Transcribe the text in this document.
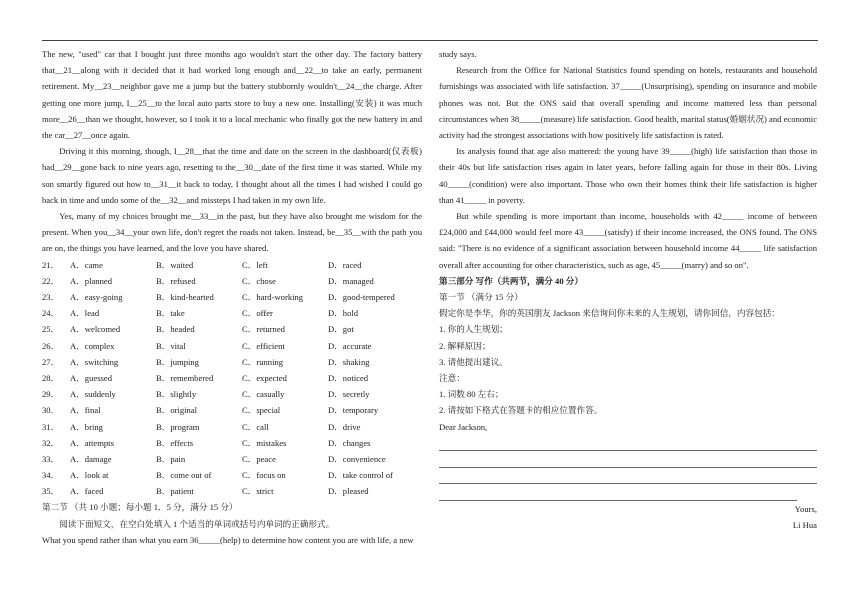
The new, "used" car that I bought just three months ago wouldn't start the other day. The factory battery that__21__along with it decided that it had worked long enough and__22__to take an early, permanent retirement. My__23__neighbor gave me a jump but the battery stubbornly wouldn't__24__the charge. After getting one more jump, I__25__to the local auto parts store to buy a new one. Installing(安装) it was much more__26__than we thought, however, so I took it to a local mechanic who finally got the new battery in and the car__27__once again.

Driving it this morning, though, I__28__that the time and date on the screen in the dashboard(仪表板) had__29__gone back to nine years ago, resetting to the__30__date of the first time it was started. While my son smartly figured out how to__31__it back to today, I thought about all the times I had wished I could go back in time and undo some of the__32__and missteps I had taken in my own life.

Yes, many of my choices brought me__33__in the past, but they have also brought me wisdom for the present. When you__34__your own life, don't regret the roads not taken. Instead, be__35__with the path you are on, the things you have learned, and the love you have shared.

21．	A．came	B．waited	C．left	D．raced
22．	A．planned	B．refused	C．chose	D．managed
23．	A．easy-going	B．kind-hearted	C．hard-working	D．good-tempered
24．	A．lead	B．take	C．offer	D．hold
25．	A．welcomed	B．headed	C．returned	D．got
26．	A．complex	B．vital	C．efficient	D．accurate
27．	A．switching	B．jumping	C．running	D．shaking
28．	A．guessed	B．remembered	C．expected	D．noticed
29．	A．suddenly	B．slightly	C．casually	D．secretly
30．	A．final	B．original	C．special	D．temporary
31．	A．bring	B．program	C．call	D．drive
32．	A．attempts	B．effects	C．mistakes	D．changes
33．	A．damage	B．pain	C．peace	D．convenience
34．	A．look at	B．come out of	C．focus on	D．take control of
35．	A．faced	B．patient	C．strict	D．pleased

第二节 （共 10 小题；每小题 1．5 分，满分 15 分）

阅读下面短文，在空白处填入 1 个适当的单词或括号内单词的正确形式。

What you spend rather than what you earn 36_____(help) to determine how content you are with life, a new

study says.

Research from the Office for National Statistics found spending on hotels, restaurants and household furnishings was associated with life satisfaction. 37_____(Unsurprising), spending on insurance and mobile phones was not. But the ONS said that overall spending and income mattered less than personal circumstances when 38_____(measure) life satisfaction. Good health, marital status(婚姻状况) and economic activity had the strongest associations with how positively life satisfaction is rated.

Its analysis found that age also mattered: the young have 39_____(high) life satisfaction than those in their 40s but life satisfaction rises again in later years, before falling again for those in their 80s. Living 40_____(condition) were also important. Those who own their homes think their life satisfaction is higher than 41_____ in poverty.

But while spending is more important than income, households with 42_____ income of between £24,000 and £44,000 would feel more 43_____(satisfy) if their income increased, the ONS found. The ONS said: "There is no evidence of a significant association between household income 44_____ life satisfaction overall after accounting for other characteristics, such as age, 45_____(marry) and so on".

第三部分 写作（共两节，满分 40 分）

第一节 （满分 15 分）

假定你是李华，你的英国朋友 Jackson 来信询问你未来的人生规划，请你回信，内容包括：

1. 你的人生规划；

2. 解释原因；

3. 请他提出建议。

注意：

1. 词数 80 左右；

2. 请按如下格式在答题卡的相应位置作答。

Dear Jackson,

Yours,

Li Hua
